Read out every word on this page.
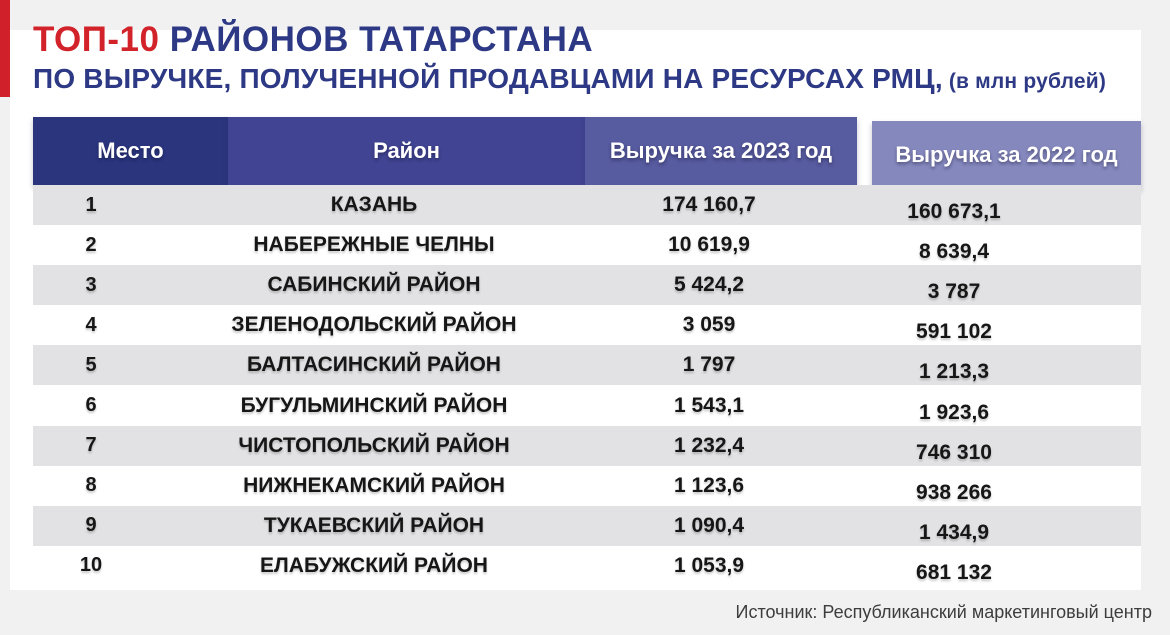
ТОП-10 РАЙОНОВ ТАТАРСТАНА
ПО ВЫРУЧКЕ, ПОЛУЧЕННОЙ ПРОДАВЦАМИ НА РЕСУРСАХ РМЦ, (в млн рублей)
Место	Район	Выручка за 2023 год	Выручка за 2022 год
1	КАЗАНЬ	174 160,7	160 673,1
2	НАБЕРЕЖНЫЕ ЧЕЛНЫ	10 619,9	8 639,4
3	САБИНСКИЙ РАЙОН	5 424,2	3 787
4	ЗЕЛЕНОДОЛЬСКИЙ РАЙОН	3 059	591 102
5	БАЛТАСИНСКИЙ РАЙОН	1 797	1 213,3
6	БУГУЛЬМИНСКИЙ РАЙОН	1 543,1	1 923,6
7	ЧИСТОПОЛЬСКИЙ РАЙОН	1 232,4	746 310
8	НИЖНЕКАМСКИЙ РАЙОН	1 123,6	938 266
9	ТУКАЕВСКИЙ РАЙОН	1 090,4	1 434,9
10	ЕЛАБУЖСКИЙ РАЙОН	1 053,9	681 132
Источник: Республиканский маркетинговый центр
